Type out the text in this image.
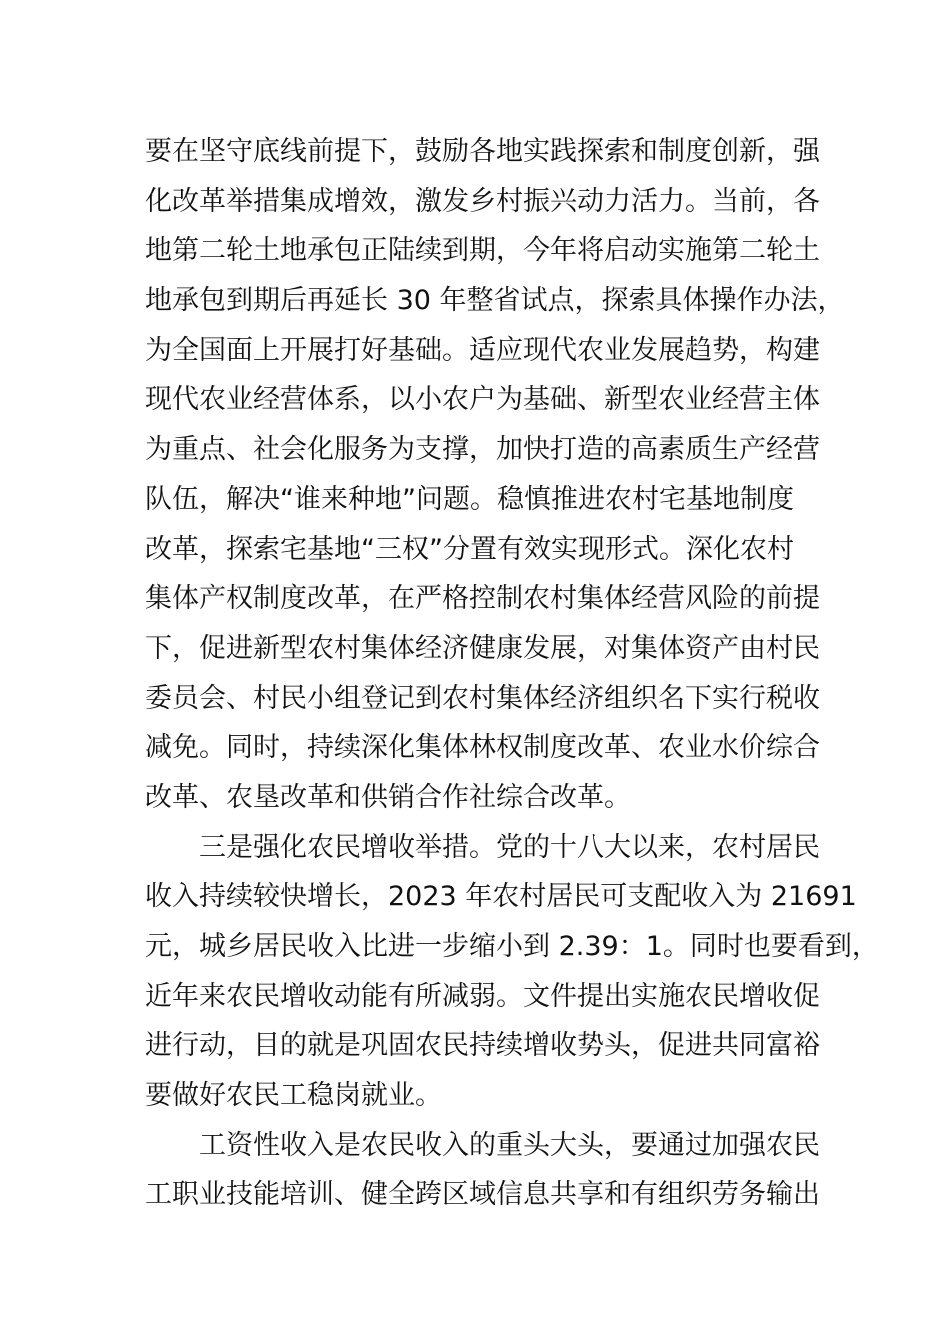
要在坚守底线前提下，鼓励各地实践探索和制度创新，强
化改革举措集成增效，激发乡村振兴动力活力。当前，各
地第二轮土地承包正陆续到期，今年将启动实施第二轮土
地承包到期后再延长 30 年整省试点，探索具体操作办法，
为全国面上开展打好基础。适应现代农业发展趋势，构建
现代农业经营体系，以小农户为基础、新型农业经营主体
为重点、社会化服务为支撑，加快打造的高素质生产经营
队伍，解决“谁来种地”问题。稳慎推进农村宅基地制度
改革，探索宅基地“三权”分置有效实现形式。深化农村
集体产权制度改革，在严格控制农村集体经营风险的前提
下，促进新型农村集体经济健康发展，对集体资产由村民
委员会、村民小组登记到农村集体经济组织名下实行税收
减免。同时，持续深化集体林权制度改革、农业水价综合
改革、农垦改革和供销合作社综合改革。
三是强化农民增收举措。党的十八大以来，农村居民
收入持续较快增长，2023 年农村居民可支配收入为 21691
元，城乡居民收入比进一步缩小到 2.39：1。同时也要看到，
近年来农民增收动能有所减弱。文件提出实施农民增收促
进行动，目的就是巩固农民持续增收势头，促进共同富裕
要做好农民工稳岗就业。
工资性收入是农民收入的重头大头，要通过加强农民
工职业技能培训、健全跨区域信息共享和有组织劳务输出
